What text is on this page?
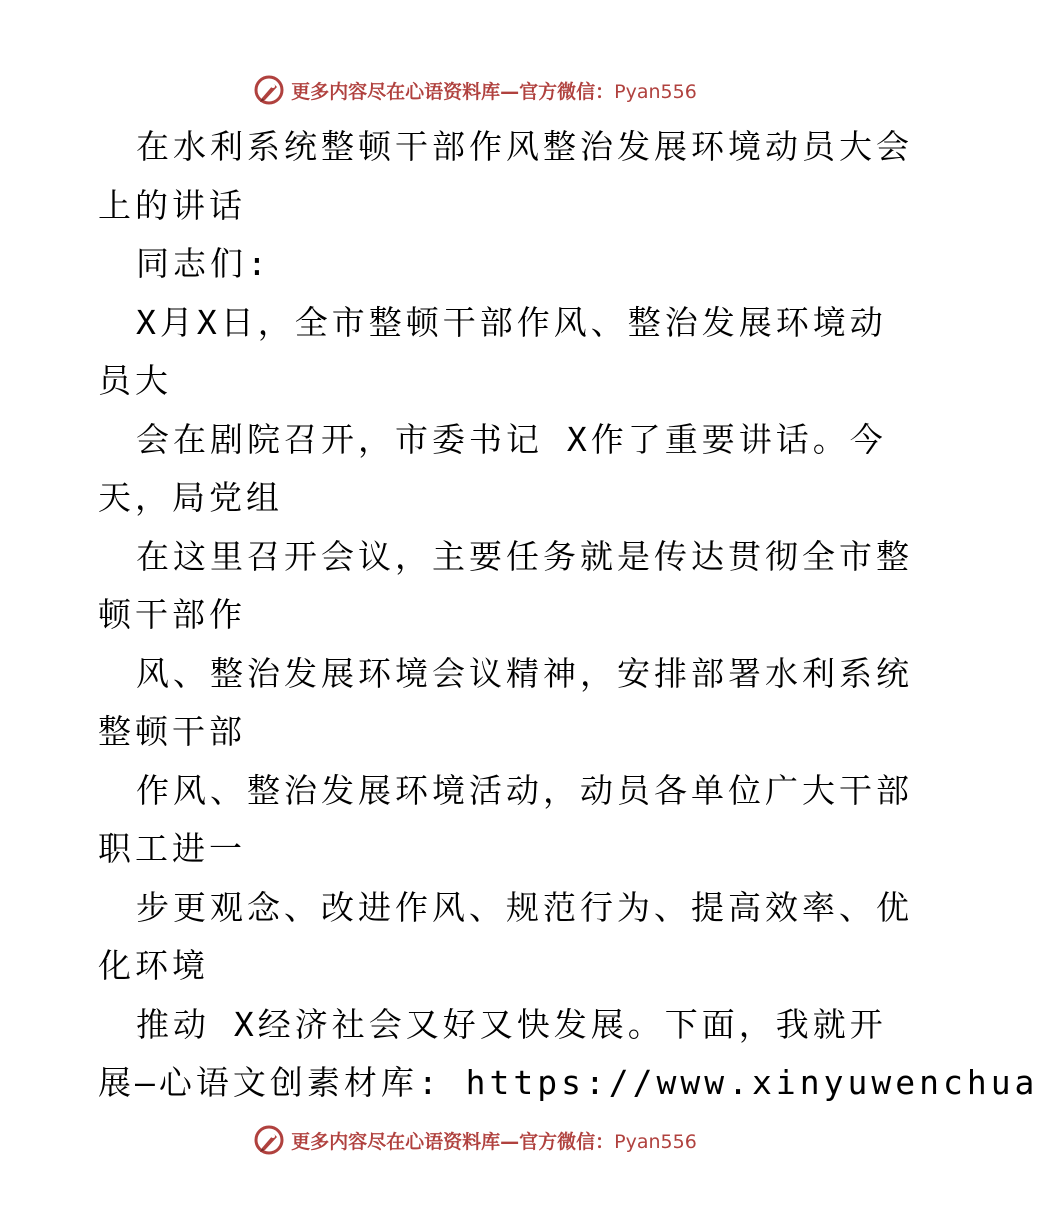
更多内容尽在心语资料库—官方微信：Pyan556
在水利系统整顿干部作风整治发展环境动员大会
上的讲话
同志们:
X月X日，全市整顿干部作风、整治发展环境动
员大
会在剧院召开，市委书记 X作了重要讲话。今
天，局党组
在这里召开会议，主要任务就是传达贯彻全市整
顿干部作
风、整治发展环境会议精神，安排部署水利系统
整顿干部
作风、整治发展环境活动，动员各单位广大干部
职工进一
步更观念、改进作风、规范行为、提高效率、优
化环境
推动 X经济社会又好又快发展。下面，我就开
展—心语文创素材库: https://www.xinyuwenchua
更多内容尽在心语资料库—官方微信：Pyan556
